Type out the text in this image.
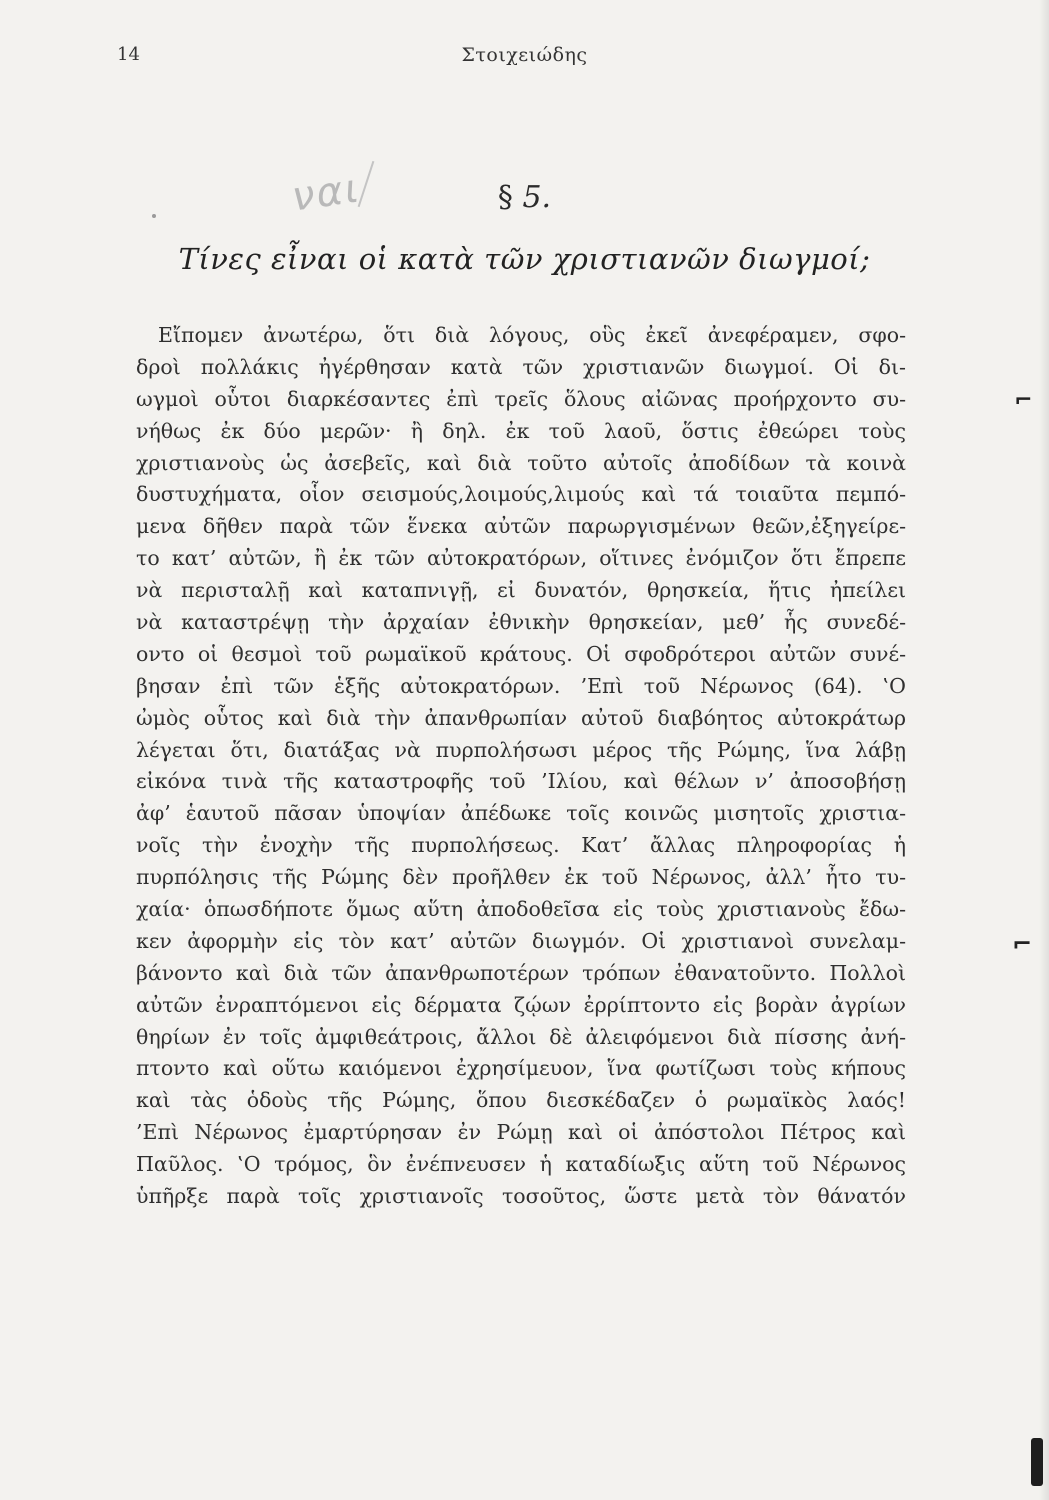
14	Στοιχειώδης
ναι	§ 5.
Τίνες εἶναι οἱ κατὰ τῶν χριστιανῶν διωγμοί;
Εἴπομεν ἀνωτέρω, ὅτι διὰ λόγους, οὓς ἐκεῖ ἀνεφέραμεν, σφο-
δροὶ πολλάκις ἠγέρθησαν κατὰ τῶν χριστιανῶν διωγμοί. Οἱ δι-
ωγμοὶ οὗτοι διαρκέσαντες ἐπὶ τρεῖς ὅλους αἰῶνας προήρχοντο συ-
νήθως ἐκ δύο μερῶν· ἢ δηλ. ἐκ τοῦ λαοῦ, ὅστις ἐθεώρει τοὺς
χριστιανοὺς ὡς ἀσεβεῖς, καὶ διὰ τοῦτο αὐτοῖς ἀποδίδων τὰ κοινὰ
δυστυχήματα, οἷον σεισμούς,λοιμούς,λιμούς καὶ τά τοιαῦτα πεμπό-
μενα δῆθεν παρὰ τῶν ἕνεκα αὐτῶν παρωργισμένων θεῶν,ἐξηγείρε-
το κατ’ αὐτῶν, ἢ ἐκ τῶν αὐτοκρατόρων, οἵτινες ἐνόμιζον ὅτι ἔπρεπε
νὰ περισταλῇ καὶ καταπνιγῇ, εἰ δυνατόν, θρησκεία, ἥτις ἠπείλει
νὰ καταστρέψῃ τὴν ἀρχαίαν ἐθνικὴν θρησκείαν, μεθ’ ἧς συνεδέ-
οντο οἱ θεσμοὶ τοῦ ρωμαϊκοῦ κράτους. Οἱ σφοδρότεροι αὐτῶν συνέ-
βησαν ἐπὶ τῶν ἑξῆς αὐτοκρατόρων. ’Επὶ τοῦ Νέρωνος (64). ‛Ο
ὠμὸς οὗτος καὶ διὰ τὴν ἀπανθρωπίαν αὐτοῦ διαβόητος αὐτοκράτωρ
λέγεται ὅτι, διατάξας νὰ πυρπολήσωσι μέρος τῆς Ρώμης, ἵνα λάβῃ
εἰκόνα τινὰ τῆς καταστροφῆς τοῦ ’Ιλίου, καὶ θέλων ν’ ἀποσοβήσῃ
ἀφ’ ἑαυτοῦ πᾶσαν ὑποψίαν ἀπέδωκε τοῖς κοινῶς μισητοῖς χριστια-
νοῖς τὴν ἐνοχὴν τῆς πυρπολήσεως. Κατ’ ἄλλας πληροφορίας ἡ
πυρπόλησις τῆς Ρώμης δὲν προῆλθεν ἐκ τοῦ Νέρωνος, ἀλλ’ ἦτο τυ-
χαία· ὁπωσδήποτε ὅμως αὕτη ἀποδοθεῖσα εἰς τοὺς χριστιανοὺς ἔδω-
κεν ἀφορμὴν εἰς τὸν κατ’ αὐτῶν διωγμόν. Οἱ χριστιανοὶ συνελαμ-
βάνοντο καὶ διὰ τῶν ἀπανθρωποτέρων τρόπων ἐθανατοῦντο. Πολλοὶ
αὐτῶν ἐνραπτόμενοι εἰς δέρματα ζῴων ἐρρίπτοντο εἰς βορὰν ἀγρίων
θηρίων ἐν τοῖς ἀμφιθεάτροις, ἄλλοι δὲ ἀλειφόμενοι διὰ πίσσης ἀνή-
πτοντο καὶ οὕτω καιόμενοι ἐχρησίμευον, ἵνα φωτίζωσι τοὺς κήπους
καὶ τὰς ὁδοὺς τῆς Ρώμης, ὅπου διεσκέδαζεν ὁ ρωμαϊκὸς λαός!
’Επὶ Νέρωνος ἐμαρτύρησαν ἐν Ρώμῃ καὶ οἱ ἀπόστολοι Πέτρος καὶ
Παῦλος. ‛Ο τρόμος, ὃν ἐνέπνευσεν ἡ καταδίωξις αὕτη τοῦ Νέρωνος
ὑπῆρξε παρὰ τοῖς χριστιανοῖς τοσοῦτος, ὥστε μετὰ τὸν θάνατόν
⌐
⌐
